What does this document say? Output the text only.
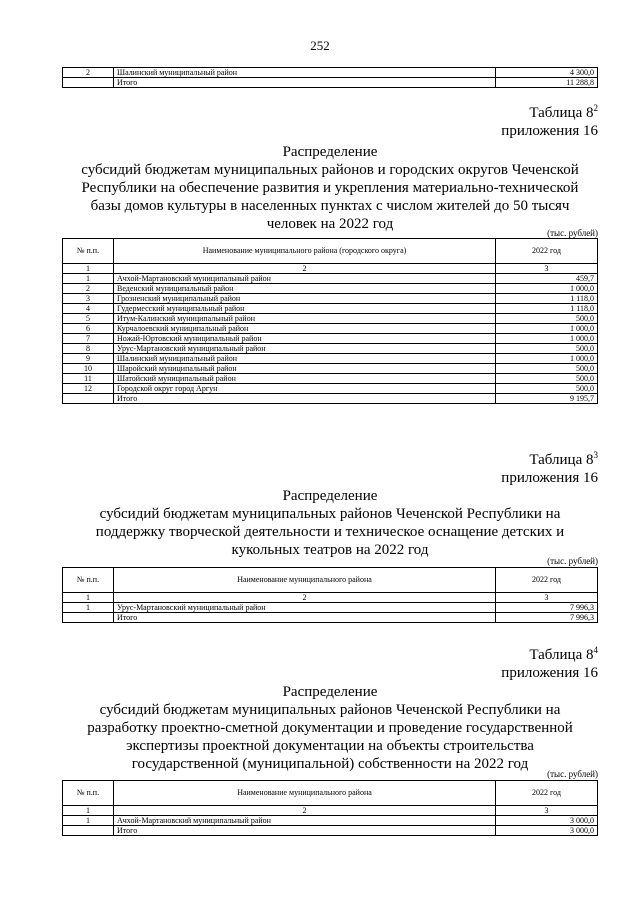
252
2	Шалинский муниципальный район	4 300,0
	Итого	11 288,8
Таблица $8^2$
приложения 16
Распределение
субсидий бюджетам муниципальных районов и городских округов Чеченской
Республики на обеспечение развития и укрепления материально-технической
базы домов культуры в населенных пунктах с числом жителей до 50 тысяч
человек на 2022 год
(тыс. рублей)
№ п.п.	Наименование муниципального района (городского округа)	2022 год
1	2	3
1	Ачхой-Мартановский муниципальный район	459,7
2	Веденский муниципальный район	1 000,0
3	Грозненский муниципальный район	1 118,0
4	Гудермесский муниципальный район	1 118,0
5	Итум-Калинский муниципальный район	500,0
6	Курчалоевский муниципальный район	1 000,0
7	Ножай-Юртовский муниципальный район	1 000,0
8	Урус-Мартановский муниципальный район	500,0
9	Шалинский муниципальный район	1 000,0
10	Шаройский муниципальный район	500,0
11	Шатойский муниципальный район	500,0
12	Городской округ город Аргун	500,0
	Итого	9 195,7
Таблица $8^3$
приложения 16
Распределение
субсидий бюджетам муниципальных районов Чеченской Республики на
поддержку творческой деятельности и техническое оснащение детских и
кукольных театров на 2022 год
(тыс. рублей)
№ п.п.	Наименование муниципального района	2022 год
1	2	3
1	Урус-Мартановский муниципальный район	7 996,3
	Итого	7 996,3
Таблица $8^4$
приложения 16
Распределение
субсидий бюджетам муниципальных районов Чеченской Республики на
разработку проектно-сметной документации и проведение государственной
экспертизы проектной документации на объекты строительства
государственной (муниципальной) собственности на 2022 год
(тыс. рублей)
№ п.п.	Наименование муниципального района	2022 год
1	2	3
1	Ачхой-Мартановский муниципальный район	3 000,0
	Итого	3 000,0
